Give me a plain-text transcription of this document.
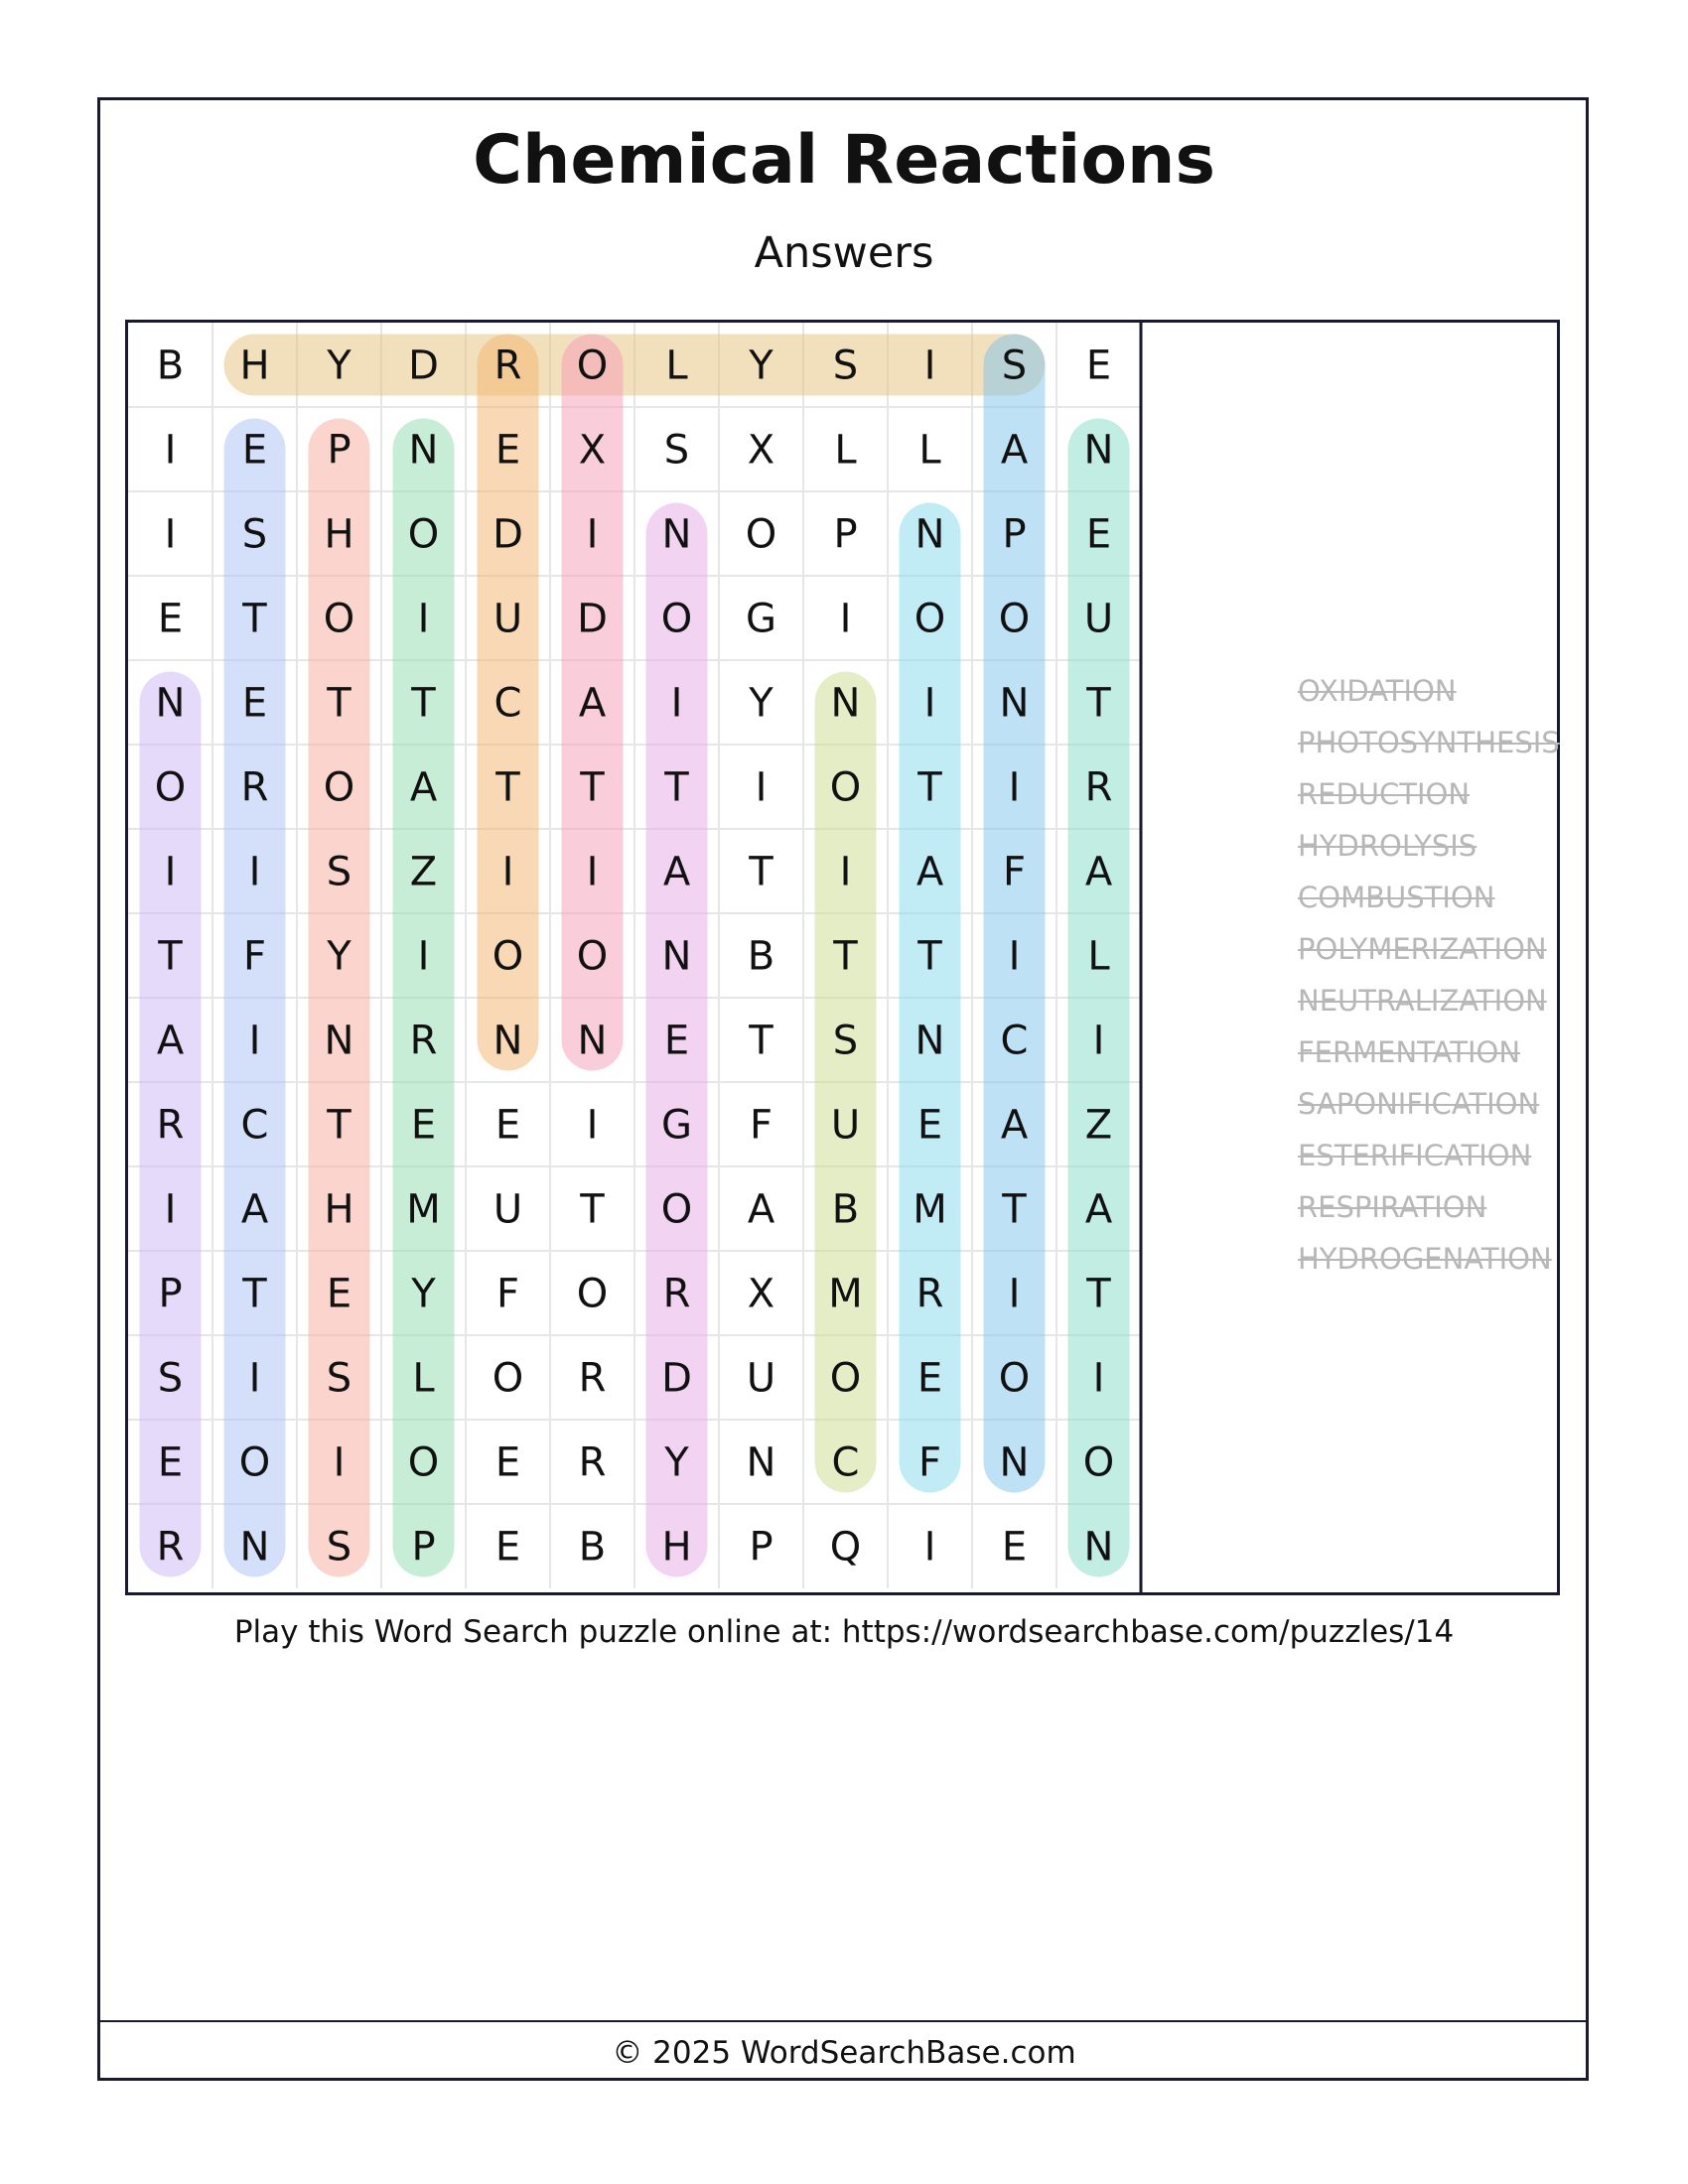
Chemical Reactions
Answers
B H Y D R O L Y S I S E
I E P N E X S X L L A N
I S H O D I N O P N P E
E T O I U D O G I O O U
N E T T C A I Y N I N T
O R O A T T T I O T I R
I I S Z I I A T I A F A
T F Y I O O N B T T I L
A I N R N N E T S N C I
R C T E E I G F U E A Z
I A H M U T O A B M T A
P T E Y F O R X M R I T
S I S L O R D U O E O I
E O I O E R Y N C F N O
R N S P E B H P Q I E N
OXIDATION
PHOTOSYNTHESIS
REDUCTION
HYDROLYSIS
COMBUSTION
POLYMERIZATION
NEUTRALIZATION
FERMENTATION
SAPONIFICATION
ESTERIFICATION
RESPIRATION
HYDROGENATION
Play this Word Search puzzle online at: https://wordsearchbase.com/puzzles/14
© 2025 WordSearchBase.com
